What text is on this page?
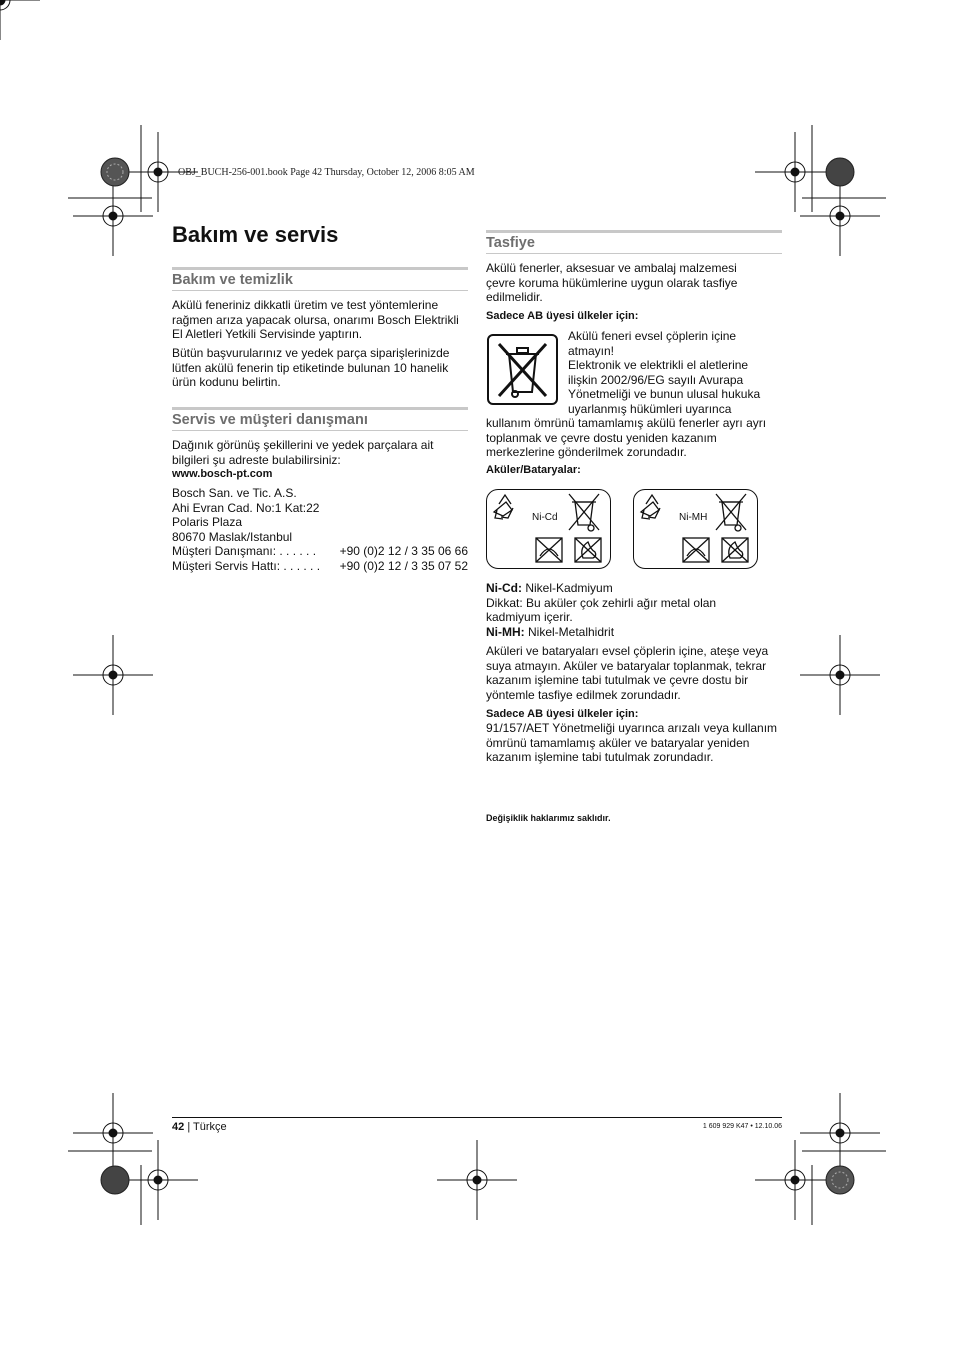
OBJ_BUCH-256-001.book Page 42 Thursday, October 12, 2006 8:05 AM
Bakım ve servis
Bakım ve temizlik

Akülü feneriniz dikkatli üretim ve test yöntemlerine rağmen arıza yapacak olursa, onarımı Bosch Elektrikli El Aletleri Yetkili Servisinde yaptırın.

Bütün başvurularınız ve yedek parça siparişlerinizde lütfen akülü fenerin tip etiketinde bulunan 10 hanelik ürün kodunu belirtin.

Servis ve müşteri danışmanı

Dağınık görünüş şekillerini ve yedek parçalara ait bilgileri şu adreste bulabilirsiniz:

www.bosch-pt.com

Bosch San. ve Tic. A.S.
Ahi Evran Cad. No:1 Kat:22
Polaris Plaza
80670 Maslak/Istanbul
Müşteri Danışmanı: . . . . . . +90 (0)2 12 / 3 35 06 66
Müşteri Servis Hattı: . . . . . . +90 (0)2 12 / 3 35 07 52
Tasfiye

Akülü fenerler, aksesuar ve ambalaj malzemesi çevre koruma hükümlerine uygun olarak tasfiye edilmelidir.

Sadece AB üyesi ülkeler için:

Akülü feneri evsel çöplerin içine
atmayın!
Elektronik ve elektrikli el aletlerine
ilişkin 2002/96/EG sayılı Avurapa
Yönetmeliği ve bunun ulusal hukuka
uyarlanmış hükümleri uyarınca

kullanım ömrünü tamamlamış akülü fenerler ayrı ayrı toplanmak ve çevre dostu yeniden kazanım merkezlerine gönderilmek zorundadır.

Aküler/Bataryalar:

Ni-Cd	Ni-MH
Ni-Cd: Nikel-Kadmiyum
Dikkat: Bu aküler çok zehirli ağır metal olan kadmiyum içerir.
Ni-MH: Nikel-Metalhidrit

Aküleri ve bataryaları evsel çöplerin içine, ateşe veya suya atmayın. Aküler ve bataryalar toplanmak, tekrar kazanım işlemine tabi tutulmak ve çevre dostu bir yöntemle tasfiye edilmek zorundadır.

Sadece AB üyesi ülkeler için:

91/157/AET Yönetmeliği uyarınca arızalı veya kullanım ömrünü tamamlamış aküler ve bataryalar yeniden kazanım işlemine tabi tutulmak zorundadır.

Değişiklik haklarımız saklıdır.

42 | Türkçe	1 609 929 K47 • 12.10.06
